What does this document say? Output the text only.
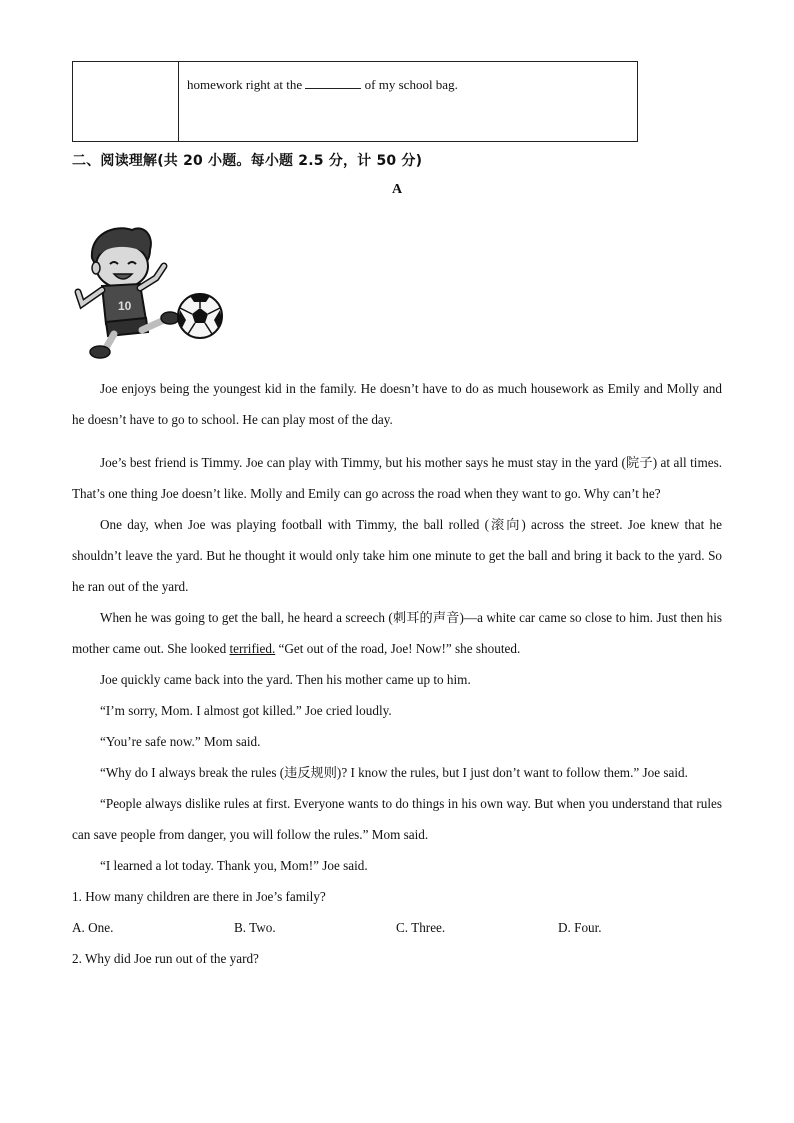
homework right at the	of my school bag.
二、阅读理解(共 20 小题。每小题 2.5 分，计 50 分)
A
10

Joe enjoys being the youngest kid in the family. He doesn’t have to do as much housework as Emily and Molly and he doesn’t have to go to school. He can play most of the day.

Joe’s best friend is Timmy. Joe can play with Timmy, but his mother says he must stay in the yard (院子) at all times. That’s one thing Joe doesn’t like. Molly and Emily can go across the road when they want to go. Why can’t he?

One day, when Joe was playing football with Timmy, the ball rolled (滚向) across the street. Joe knew that he shouldn’t leave the yard. But he thought it would only take him one minute to get the ball and bring it back to the yard. So he ran out of the yard.

When he was going to get the ball, he heard a screech (刺耳的声音)—a white car came so close to him. Just then his mother came out. She looked terrified. “Get out of the road, Joe! Now!” she shouted.

Joe quickly came back into the yard. Then his mother came up to him.

“I’m sorry, Mom. I almost got killed.” Joe cried loudly.

“You’re safe now.” Mom said.

“Why do I always break the rules (违反规则)? I know the rules, but I just don’t want to follow them.” Joe said.

“People always dislike rules at first. Everyone wants to do things in his own way. But when you understand that rules can save people from danger, you will follow the rules.” Mom said.

“I learned a lot today. Thank you, Mom!” Joe said.

1. How many children are there in Joe’s family?

A. One.	B. Two.	C. Three.	D. Four.

2. Why did Joe run out of the yard?
